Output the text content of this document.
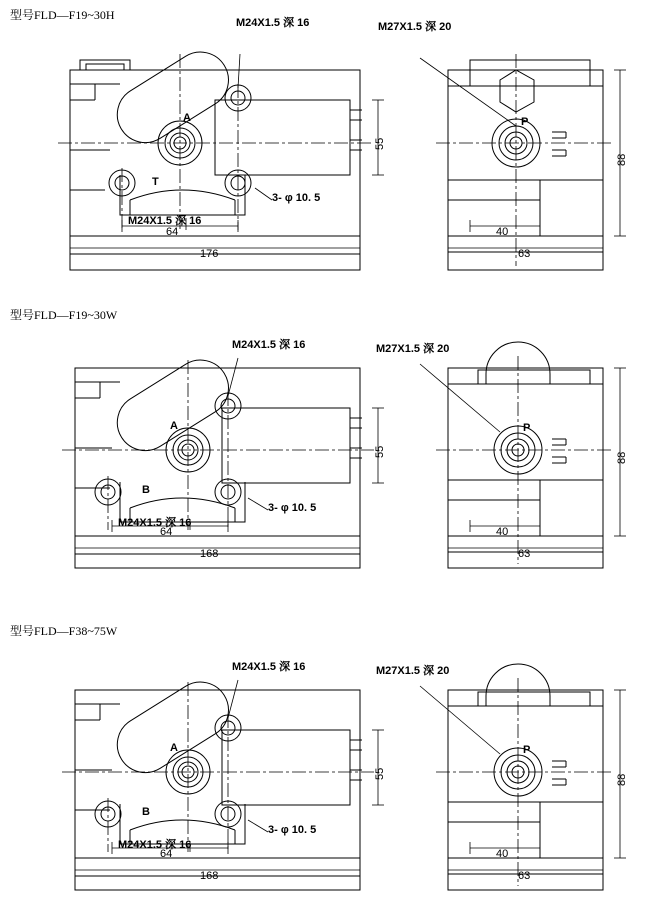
型号FLD—F19~30H
M24X1.5 深 16	M27X1.5 深 20
3- φ 10. 5
M24X1.5 深 16
A
T
P
64
176
55
40
63
88
型号FLD—F19~30W
M24X1.5 深 16	M27X1.5 深 20
3- φ 10. 5
M24X1.5 深 16
A
B
P
64
168
55
40
63
88
型号FLD—F38~75W
M24X1.5 深 16	M27X1.5 深 20
3- φ 10. 5
M24X1.5 深 16
A
B
P
64
168
55
40
63
88
